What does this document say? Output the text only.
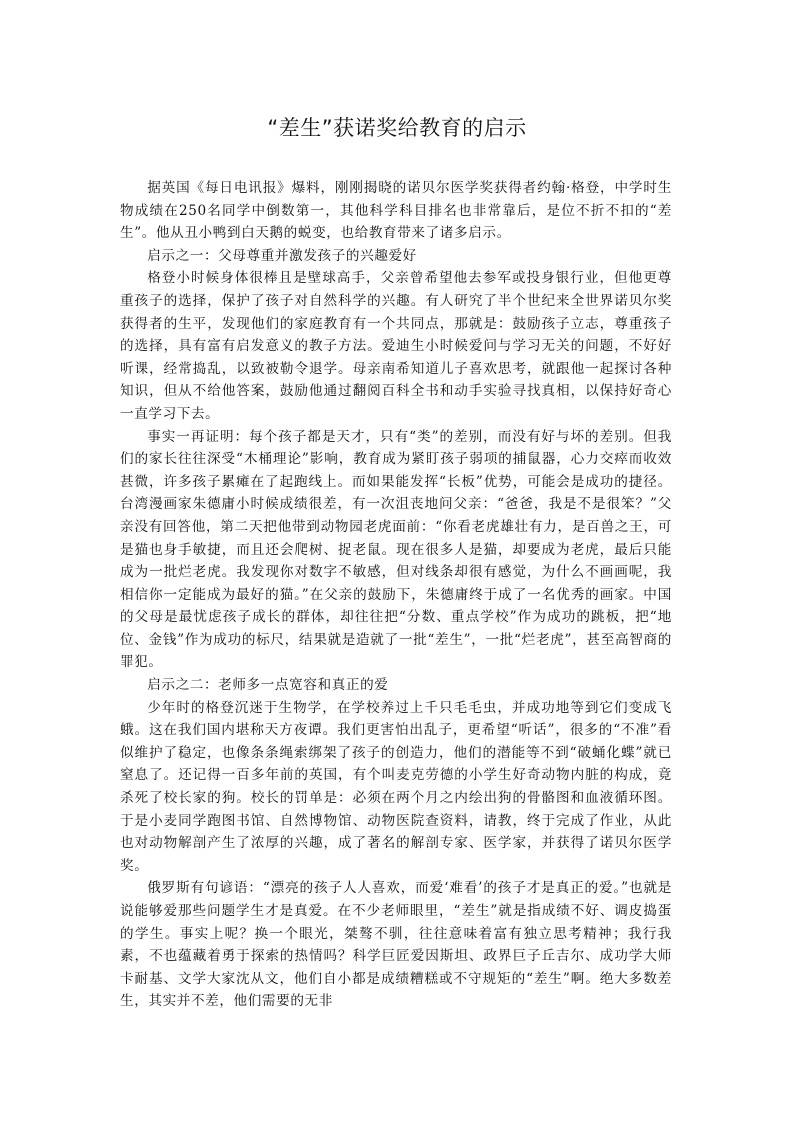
“差生”获诺奖给教育的启示

据英国《每日电讯报》爆料，刚刚揭晓的诺贝尔医学奖获得者约翰·格登，中学时生物成绩在250名同学中倒数第一，其他科学科目排名也非常靠后，是位不折不扣的“差生”。他从丑小鸭到白天鹅的蜕变，也给教育带来了诸多启示。

启示之一：父母尊重并激发孩子的兴趣爱好

格登小时候身体很棒且是壁球高手，父亲曾希望他去参军或投身银行业，但他更尊重孩子的选择，保护了孩子对自然科学的兴趣。有人研究了半个世纪来全世界诺贝尔奖获得者的生平，发现他们的家庭教育有一个共同点，那就是：鼓励孩子立志，尊重孩子的选择，具有富有启发意义的教子方法。爱迪生小时候爱问与学习无关的问题，不好好听课，经常捣乱，以致被勒令退学。母亲南希知道儿子喜欢思考，就跟他一起探讨各种知识，但从不给他答案，鼓励他通过翻阅百科全书和动手实验寻找真相，以保持好奇心一直学习下去。

事实一再证明：每个孩子都是天才，只有“类”的差别，而没有好与坏的差别。但我们的家长往往深受“木桶理论”影响，教育成为紧盯孩子弱项的捕鼠器，心力交瘁而收效甚微，许多孩子累瘫在了起跑线上。而如果能发挥“长板”优势，可能会是成功的捷径。台湾漫画家朱德庸小时候成绩很差，有一次沮丧地问父亲：“爸爸，我是不是很笨？”父亲没有回答他，第二天把他带到动物园老虎面前：“你看老虎雄壮有力，是百兽之王，可是猫也身手敏捷，而且还会爬树、捉老鼠。现在很多人是猫，却要成为老虎，最后只能成为一批烂老虎。我发现你对数字不敏感，但对线条却很有感觉，为什么不画画呢，我相信你一定能成为最好的猫。”在父亲的鼓励下，朱德庸终于成了一名优秀的画家。中国的父母是最忧虑孩子成长的群体，却往往把“分数、重点学校”作为成功的跳板，把“地位、金钱”作为成功的标尺，结果就是造就了一批“差生”，一批“烂老虎”，甚至高智商的罪犯。

启示之二：老师多一点宽容和真正的爱

少年时的格登沉迷于生物学，在学校养过上千只毛毛虫，并成功地等到它们变成飞蛾。这在我们国内堪称天方夜谭。我们更害怕出乱子，更希望“听话”，很多的“不准”看似维护了稳定，也像条条绳索绑架了孩子的创造力，他们的潜能等不到“破蛹化蝶”就已窒息了。还记得一百多年前的英国，有个叫麦克劳德的小学生好奇动物内脏的构成，竟杀死了校长家的狗。校长的罚单是：必须在两个月之内绘出狗的骨骼图和血液循环图。于是小麦同学跑图书馆、自然博物馆、动物医院查资料，请教，终于完成了作业，从此也对动物解剖产生了浓厚的兴趣，成了著名的解剖专家、医学家，并获得了诺贝尔医学奖。

俄罗斯有句谚语：“漂亮的孩子人人喜欢，而爱‘难看’的孩子才是真正的爱。”也就是说能够爱那些问题学生才是真爱。在不少老师眼里，“差生”就是指成绩不好、调皮捣蛋的学生。事实上呢？换一个眼光，桀骜不驯，往往意味着富有独立思考精神；我行我素，不也蕴藏着勇于探索的热情吗？科学巨匠爱因斯坦、政界巨子丘吉尔、成功学大师卡耐基、文学大家沈从文，他们自小都是成绩糟糕或不守规矩的“差生”啊。绝大多数差生，其实并不差，他们需要的无非
